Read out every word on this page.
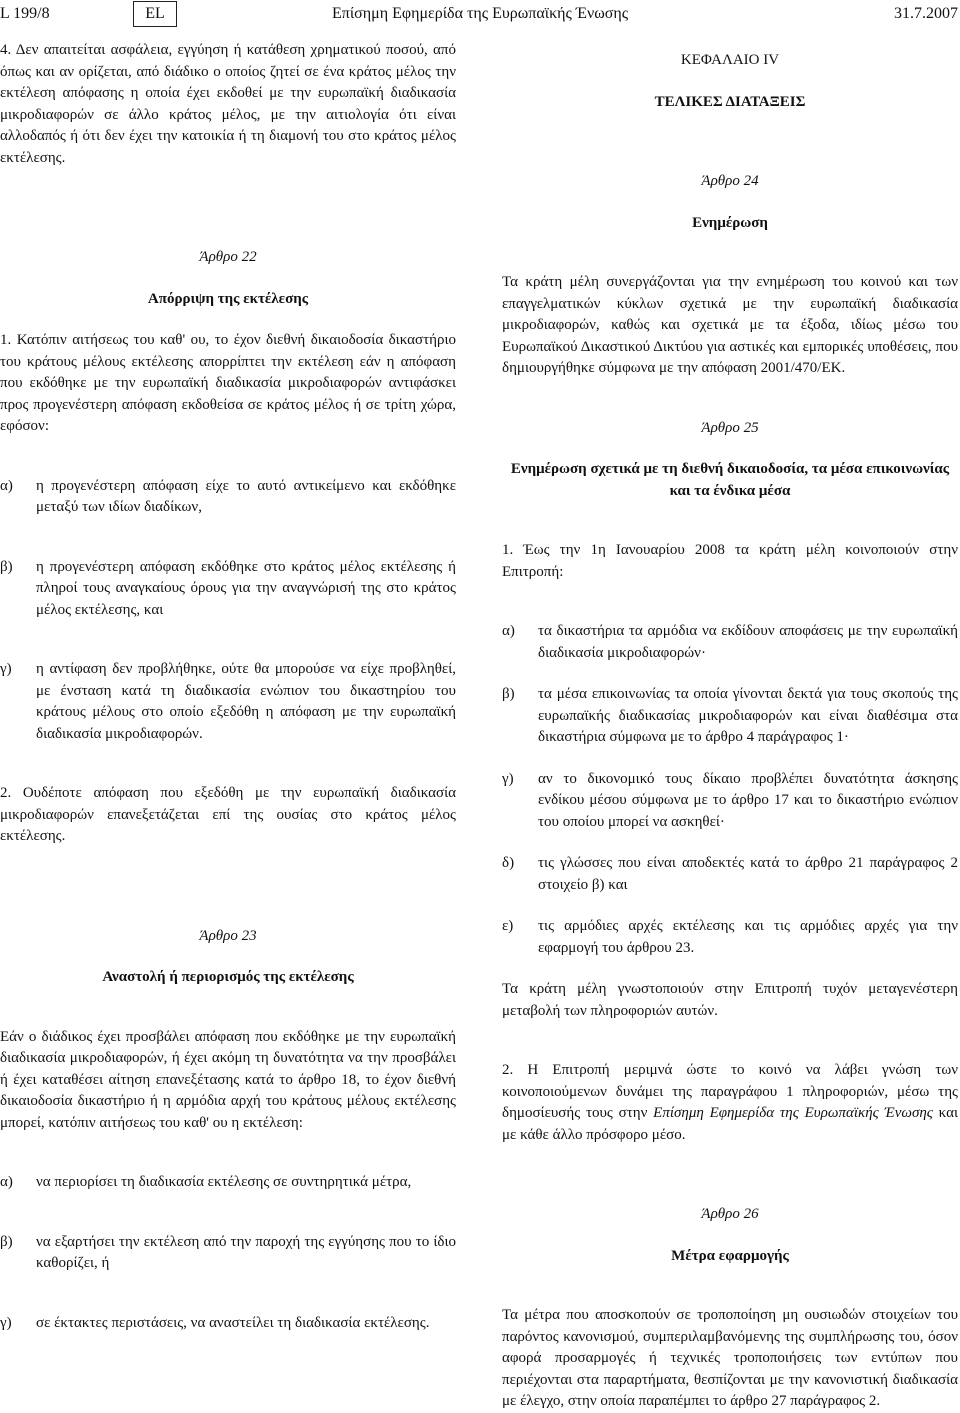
L 199/8	EL	Επίσημη Εφημερίδα της Ευρωπαϊκής Ένωσης	31.7.2007

4. Δεν απαιτείται ασφάλεια, εγγύηση ή κατάθεση χρηματικού ποσού, από όπως και αν ορίζεται, από διάδικο ο οποίος ζητεί σε ένα κράτος μέλος την εκτέλεση απόφασης η οποία έχει εκδοθεί με την ευρωπαϊκή διαδικασία μικροδιαφορών σε άλλο κράτος μέλος, με την αιτιολογία ότι είναι αλλοδαπός ή ότι δεν έχει την κατοικία ή τη διαμονή του στο κράτος μέλος εκτέλεσης.

Άρθρο 22

Απόρριψη της εκτέλεσης

1. Κατόπιν αιτήσεως του καθ' ου, το έχον διεθνή δικαιοδοσία δικαστήριο του κράτους μέλους εκτέλεσης απορρίπτει την εκτέλεση εάν η απόφαση που εκδόθηκε με την ευρωπαϊκή διαδικασία μικροδιαφορών αντιφάσκει προς προγενέστερη απόφαση εκδοθείσα σε κράτος μέλος ή σε τρίτη χώρα, εφόσον:

α)	η προγενέστερη απόφαση είχε το αυτό αντικείμενο και εκδόθηκε μεταξύ των ιδίων διαδίκων,
β)	η προγενέστερη απόφαση εκδόθηκε στο κράτος μέλος εκτέλεσης ή πληροί τους αναγκαίους όρους για την αναγνώρισή της στο κράτος μέλος εκτέλεσης, και
γ)	η αντίφαση δεν προβλήθηκε, ούτε θα μπορούσε να είχε προβληθεί, με ένσταση κατά τη διαδικασία ενώπιον του δικαστηρίου του κράτους μέλους στο οποίο εξεδόθη η απόφαση με την ευρωπαϊκή διαδικασία μικροδιαφορών.

2. Ουδέποτε απόφαση που εξεδόθη με την ευρωπαϊκή διαδικασία μικροδιαφορών επανεξετάζεται επί της ουσίας στο κράτος μέλος εκτέλεσης.

Άρθρο 23

Αναστολή ή περιορισμός της εκτέλεσης

Εάν ο διάδικος έχει προσβάλει απόφαση που εκδόθηκε με την ευρωπαϊκή διαδικασία μικροδιαφορών, ή έχει ακόμη τη δυνατότητα να την προσβάλει ή έχει καταθέσει αίτηση επανεξέτασης κατά το άρθρο 18, το έχον διεθνή δικαιοδοσία δικαστήριο ή η αρμόδια αρχή του κράτους μέλους εκτέλεσης μπορεί, κατόπιν αιτήσεως του καθ' ου η εκτέλεση:

α)	να περιορίσει τη διαδικασία εκτέλεσης σε συντηρητικά μέτρα,
β)	να εξαρτήσει την εκτέλεση από την παροχή της εγγύησης που το ίδιο καθορίζει, ή
γ)	σε έκτακτες περιστάσεις, να αναστείλει τη διαδικασία εκτέλεσης.

ΚΕΦΑΛΑΙΟ IV

ΤΕΛΙΚΕΣ ΔΙΑΤΑΞΕΙΣ

Άρθρο 24

Ενημέρωση

Τα κράτη μέλη συνεργάζονται για την ενημέρωση του κοινού και των επαγγελματικών κύκλων σχετικά με την ευρωπαϊκή διαδικασία μικροδιαφορών, καθώς και σχετικά με τα έξοδα, ιδίως μέσω του Ευρωπαϊκού Δικαστικού Δικτύου για αστικές και εμπορικές υποθέσεις, που δημιουργήθηκε σύμφωνα με την απόφαση 2001/470/ΕΚ.

Άρθρο 25

Ενημέρωση σχετικά με τη διεθνή δικαιοδοσία, τα μέσα επικοινωνίας και τα ένδικα μέσα

1. Έως την 1η Ιανουαρίου 2008 τα κράτη μέλη κοινοποιούν στην Επιτροπή:

α)	τα δικαστήρια τα αρμόδια να εκδίδουν αποφάσεις με την ευρωπαϊκή διαδικασία μικροδιαφορών·
β)	τα μέσα επικοινωνίας τα οποία γίνονται δεκτά για τους σκοπούς της ευρωπαϊκής διαδικασίας μικροδιαφορών και είναι διαθέσιμα στα δικαστήρια σύμφωνα με το άρθρο 4 παράγραφος 1·
γ)	αν το δικονομικό τους δίκαιο προβλέπει δυνατότητα άσκησης ενδίκου μέσου σύμφωνα με το άρθρο 17 και το δικαστήριο ενώπιον του οποίου μπορεί να ασκηθεί·
δ)	τις γλώσσες που είναι αποδεκτές κατά το άρθρο 21 παράγραφος 2 στοιχείο β) και
ε)	τις αρμόδιες αρχές εκτέλεσης και τις αρμόδιες αρχές για την εφαρμογή του άρθρου 23.

Τα κράτη μέλη γνωστοποιούν στην Επιτροπή τυχόν μεταγενέστερη μεταβολή των πληροφοριών αυτών.

2. Η Επιτροπή μεριμνά ώστε το κοινό να λάβει γνώση των κοινοποιούμενων δυνάμει της παραγράφου 1 πληροφοριών, μέσω της δημοσίευσής τους στην Επίσημη Εφημερίδα της Ευρωπαϊκής Ένωσης και με κάθε άλλο πρόσφορο μέσο.

Άρθρο 26

Μέτρα εφαρμογής

Τα μέτρα που αποσκοπούν σε τροποποίηση μη ουσιωδών στοιχείων του παρόντος κανονισμού, συμπεριλαμβανόμενης της συμπλήρωσης του, όσον αφορά προσαρμογές ή τεχνικές τροποποιήσεις των εντύπων που περιέχονται στα παραρτήματα, θεσπίζονται με την κανονιστική διαδικασία με έλεγχο, στην οποία παραπέμπει το άρθρο 27 παράγραφος 2.
